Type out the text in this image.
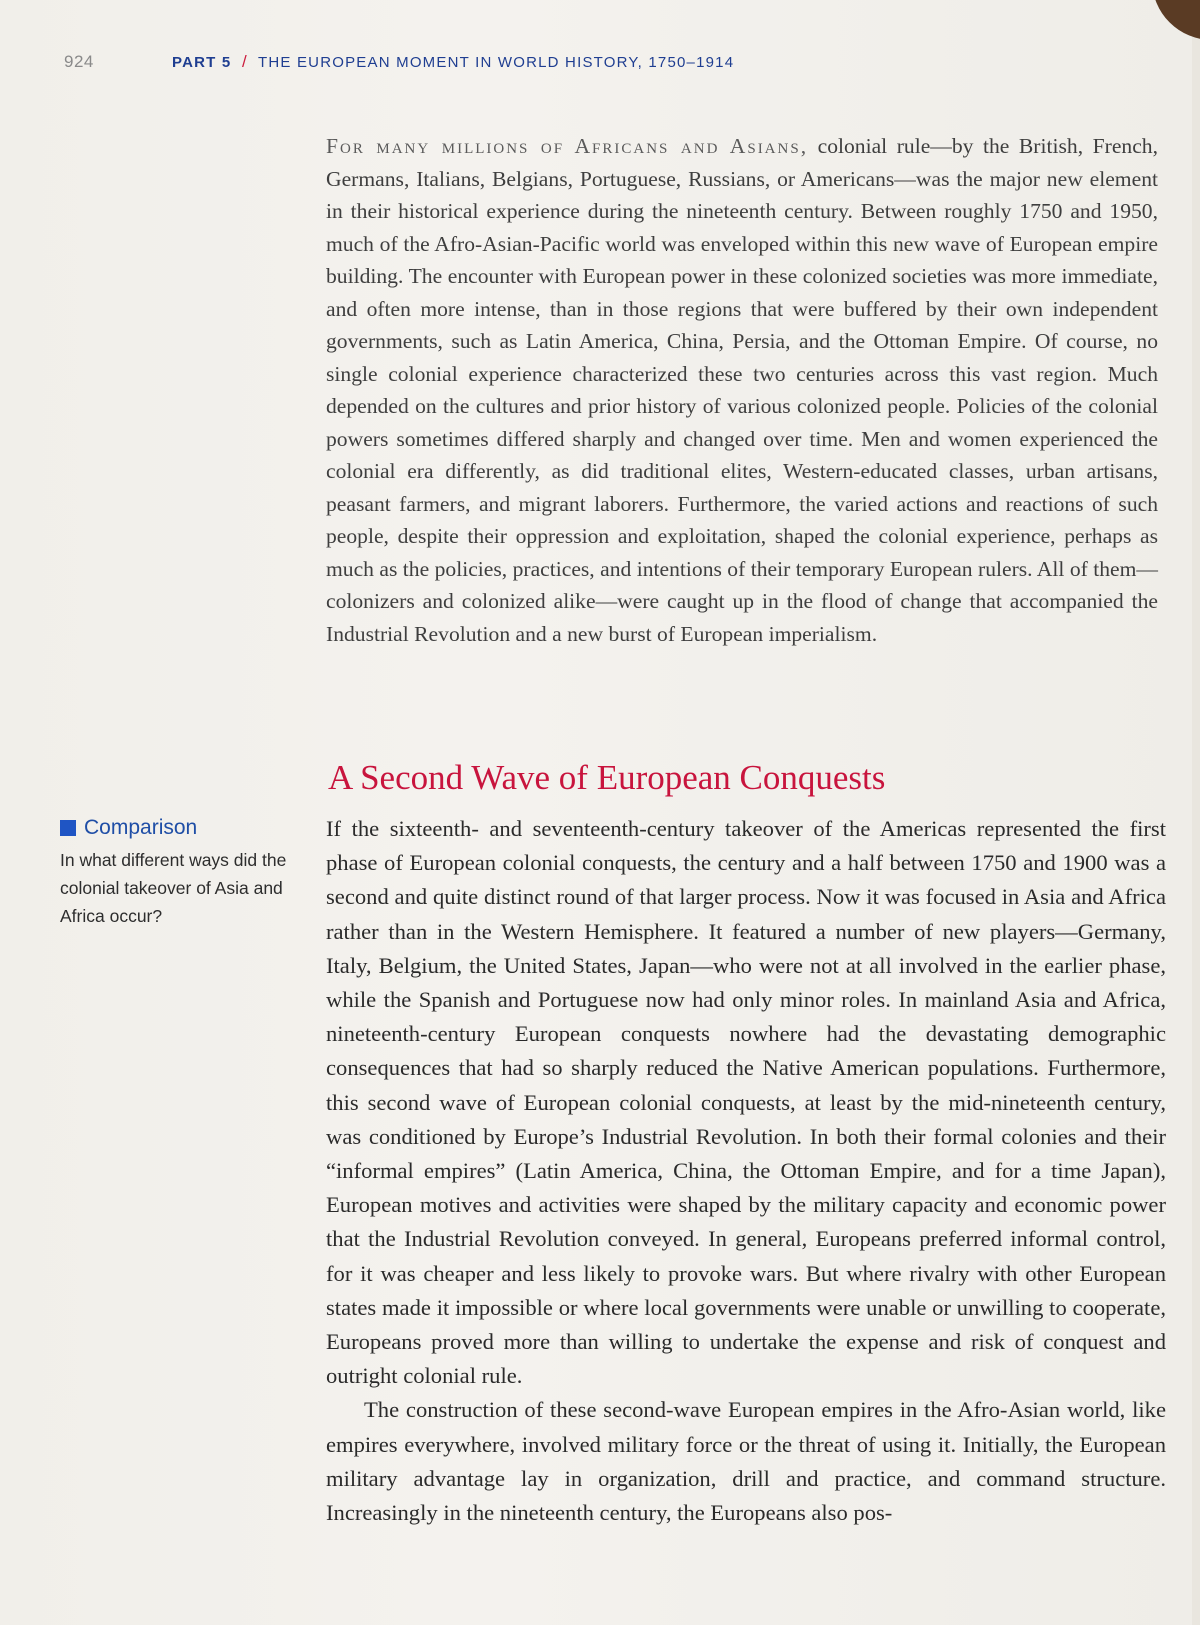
924	PART 5 / THE EUROPEAN MOMENT IN WORLD HISTORY, 1750–1914

For many millions of Africans and Asians, colonial rule—by the British, French, Germans, Italians, Belgians, Portuguese, Russians, or Americans—was the major new element in their historical experience during the nineteenth century. Between roughly 1750 and 1950, much of the Afro-Asian-Pacific world was enveloped within this new wave of European empire building. The encounter with European power in these colonized societies was more immediate, and often more intense, than in those regions that were buffered by their own independent governments, such as Latin America, China, Persia, and the Ottoman Empire. Of course, no single colonial experience characterized these two centuries across this vast region. Much depended on the cultures and prior history of various colonized people. Policies of the colonial powers sometimes differed sharply and changed over time. Men and women experienced the colonial era differently, as did traditional elites, Western-educated classes, urban artisans, peasant farmers, and migrant laborers. Furthermore, the varied actions and reactions of such people, despite their oppression and exploitation, shaped the colonial experience, perhaps as much as the policies, practices, and intentions of their temporary European rulers. All of them—colonizers and colonized alike—were caught up in the flood of change that accompanied the Industrial Revolution and a new burst of European imperialism.

A Second Wave of European Conquests
Comparison
In what different ways did the colonial takeover of Asia and Africa occur?

If the sixteenth- and seventeenth-century takeover of the Americas represented the first phase of European colonial conquests, the century and a half between 1750 and 1900 was a second and quite distinct round of that larger process. Now it was focused in Asia and Africa rather than in the Western Hemisphere. It featured a number of new players—Germany, Italy, Belgium, the United States, Japan—who were not at all involved in the earlier phase, while the Spanish and Portuguese now had only minor roles. In mainland Asia and Africa, nineteenth-century European conquests nowhere had the devastating demographic consequences that had so sharply reduced the Native American populations. Furthermore, this second wave of European colonial conquests, at least by the mid-nineteenth century, was conditioned by Europe’s Industrial Revolution. In both their formal colonies and their “informal empires” (Latin America, China, the Ottoman Empire, and for a time Japan), European motives and activities were shaped by the military capacity and economic power that the Industrial Revolution conveyed. In general, Europeans preferred informal control, for it was cheaper and less likely to provoke wars. But where rivalry with other European states made it impossible or where local governments were unable or unwilling to cooperate, Europeans proved more than willing to undertake the expense and risk of conquest and outright colonial rule.

The construction of these second-wave European empires in the Afro-Asian world, like empires everywhere, involved military force or the threat of using it. Initially, the European military advantage lay in organization, drill and practice, and command structure. Increasingly in the nineteenth century, the Europeans also pos-
